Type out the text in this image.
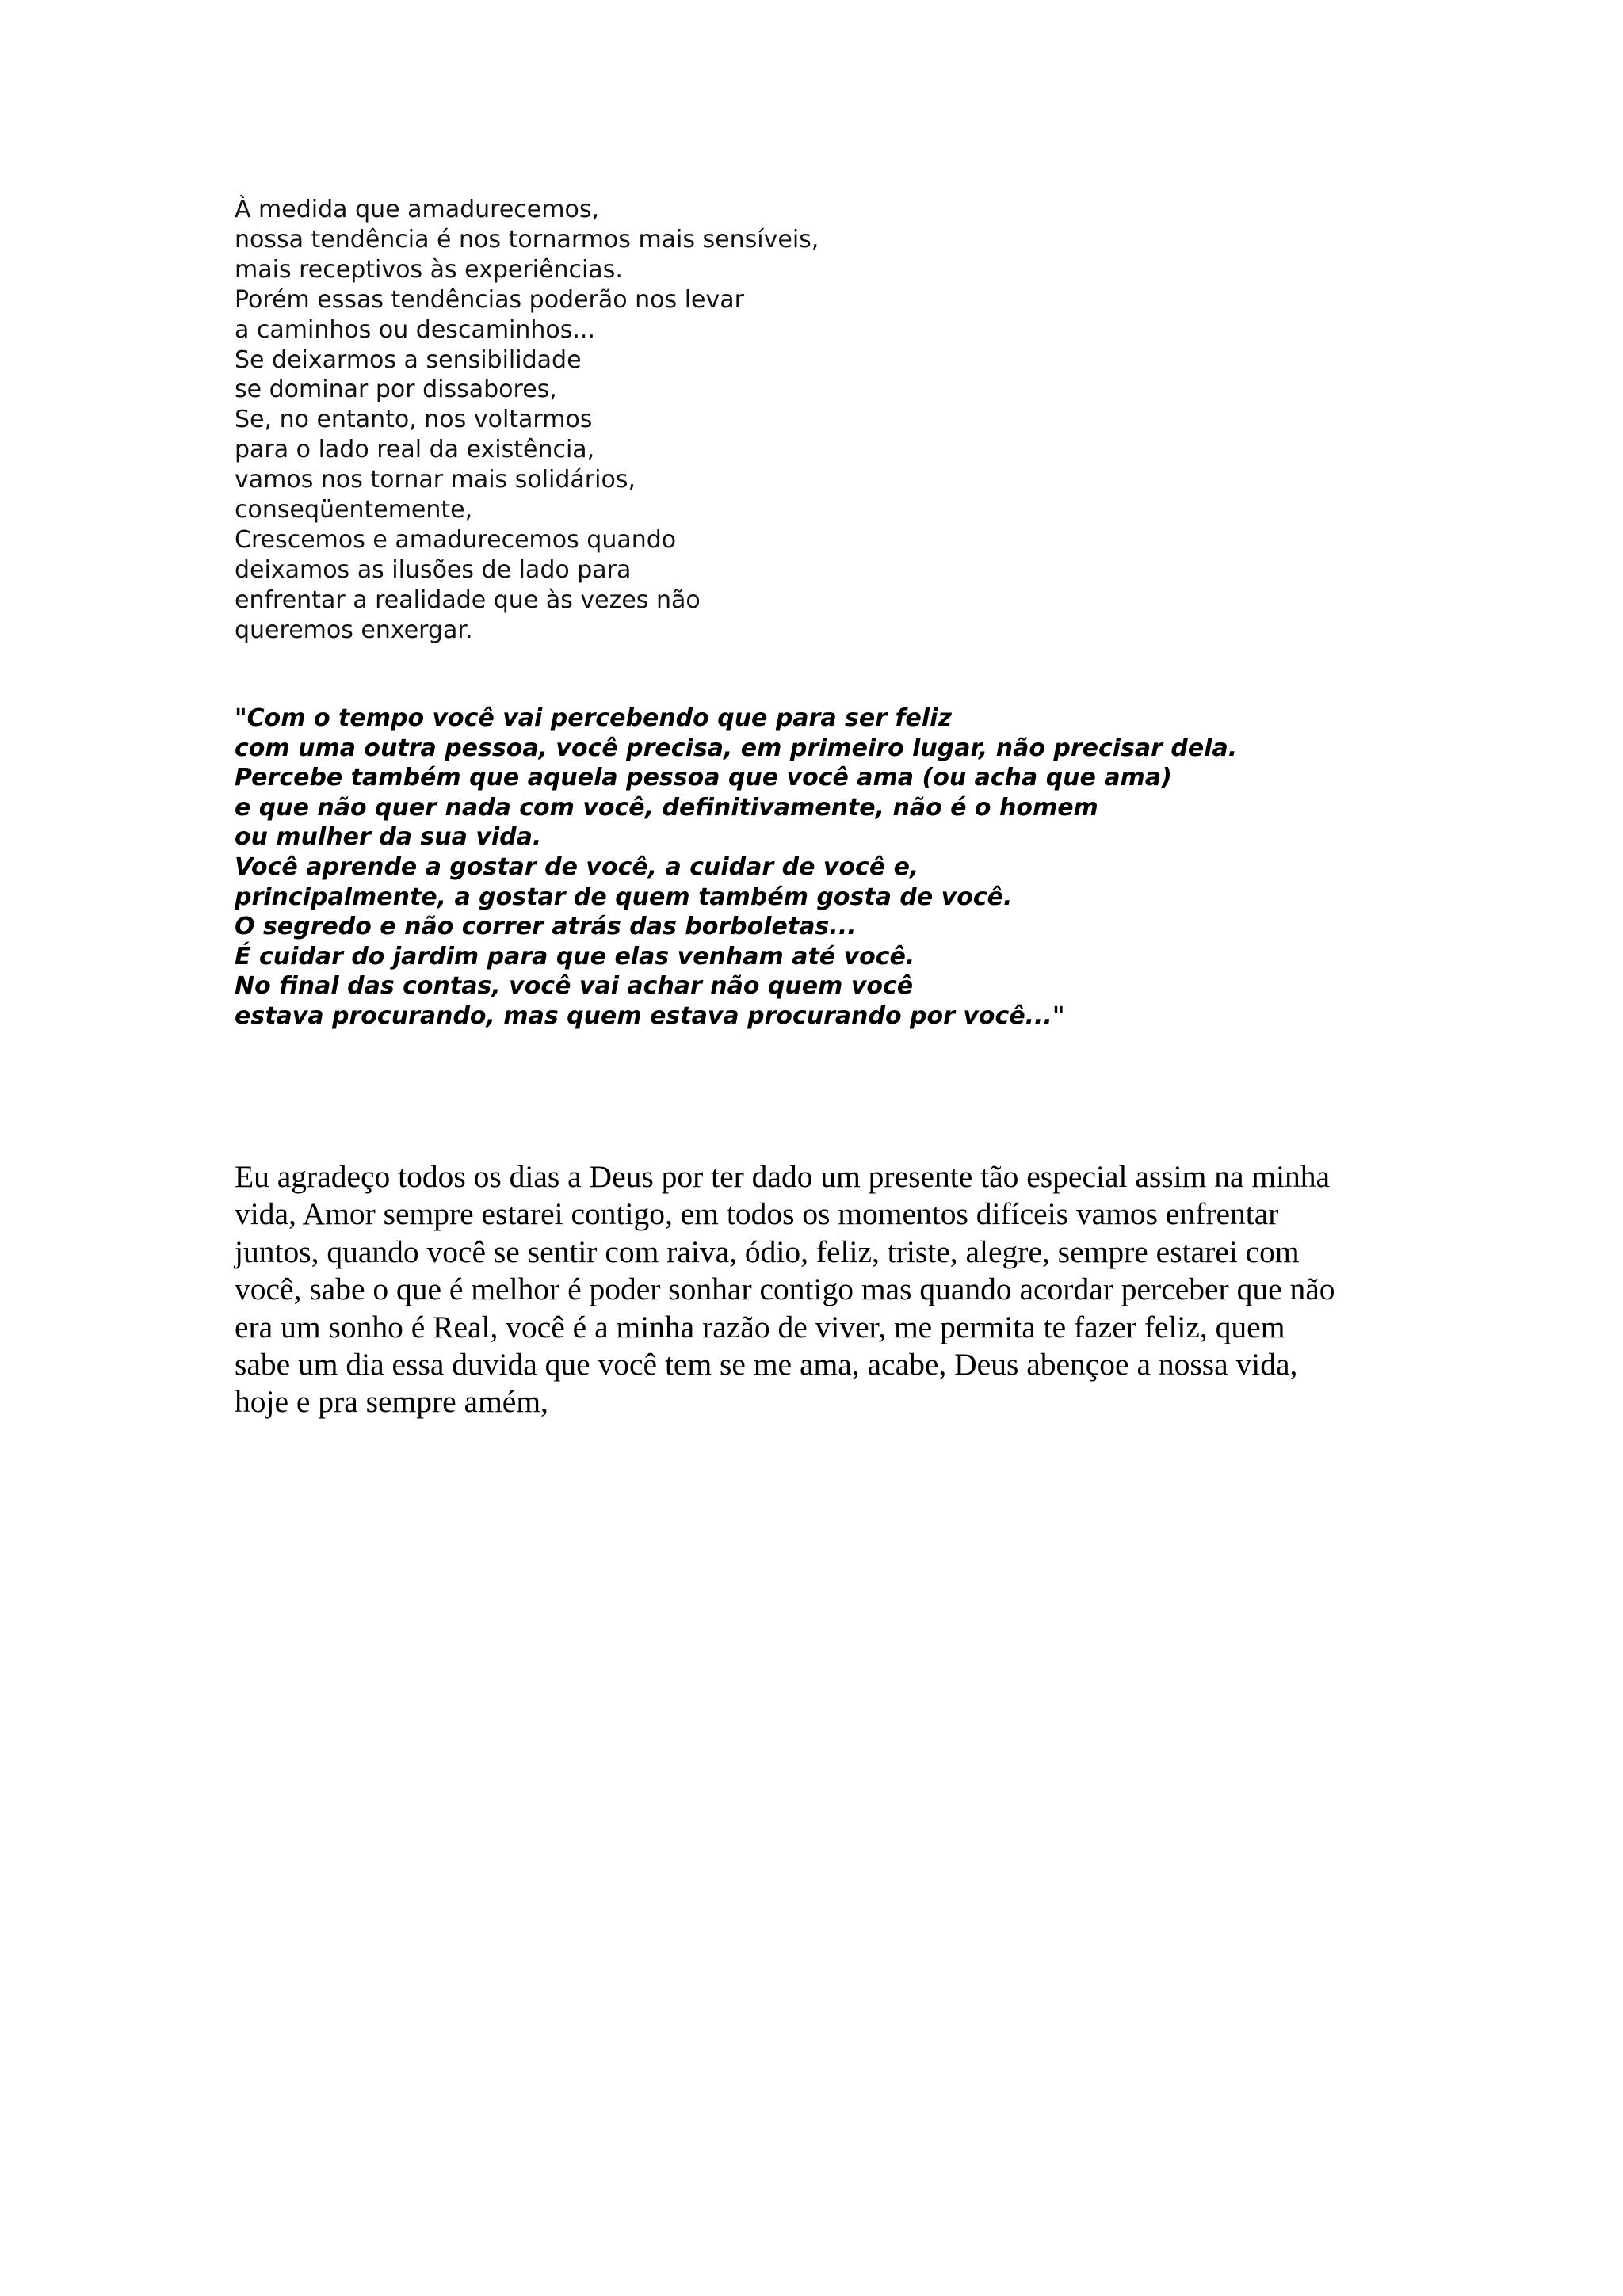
À medida que amadurecemos,
nossa tendência é nos tornarmos mais sensíveis,
mais receptivos às experiências.
Porém essas tendências poderão nos levar
a caminhos ou descaminhos...
Se deixarmos a sensibilidade
se dominar por dissabores,
Se, no entanto, nos voltarmos
para o lado real da existência,
vamos nos tornar mais solidários,
conseqüentemente,
Crescemos e amadurecemos quando
deixamos as ilusões de lado para
enfrentar a realidade que às vezes não
queremos enxergar.
"Com o tempo você vai percebendo que para ser feliz
com uma outra pessoa, você precisa, em primeiro lugar, não precisar dela.
Percebe também que aquela pessoa que você ama (ou acha que ama)
e que não quer nada com você, definitivamente, não é o homem
ou mulher da sua vida.
Você aprende a gostar de você, a cuidar de você e,
principalmente, a gostar de quem também gosta de você.
O segredo e não correr atrás das borboletas...
É cuidar do jardim para que elas venham até você.
No final das contas, você vai achar não quem você
estava procurando, mas quem estava procurando por você..."
Eu agradeço todos os dias a Deus por ter dado um presente tão especial assim na minha
vida, Amor sempre estarei contigo, em todos os momentos difíceis vamos enfrentar
juntos, quando você se sentir com raiva, ódio, feliz, triste, alegre, sempre estarei com
você, sabe o que é melhor é poder sonhar contigo mas quando acordar perceber que não
era um sonho é Real, você é a minha razão de viver, me permita te fazer feliz, quem
sabe um dia essa duvida que você tem se me ama, acabe, Deus abençoe a nossa vida,
hoje e pra sempre amém,
